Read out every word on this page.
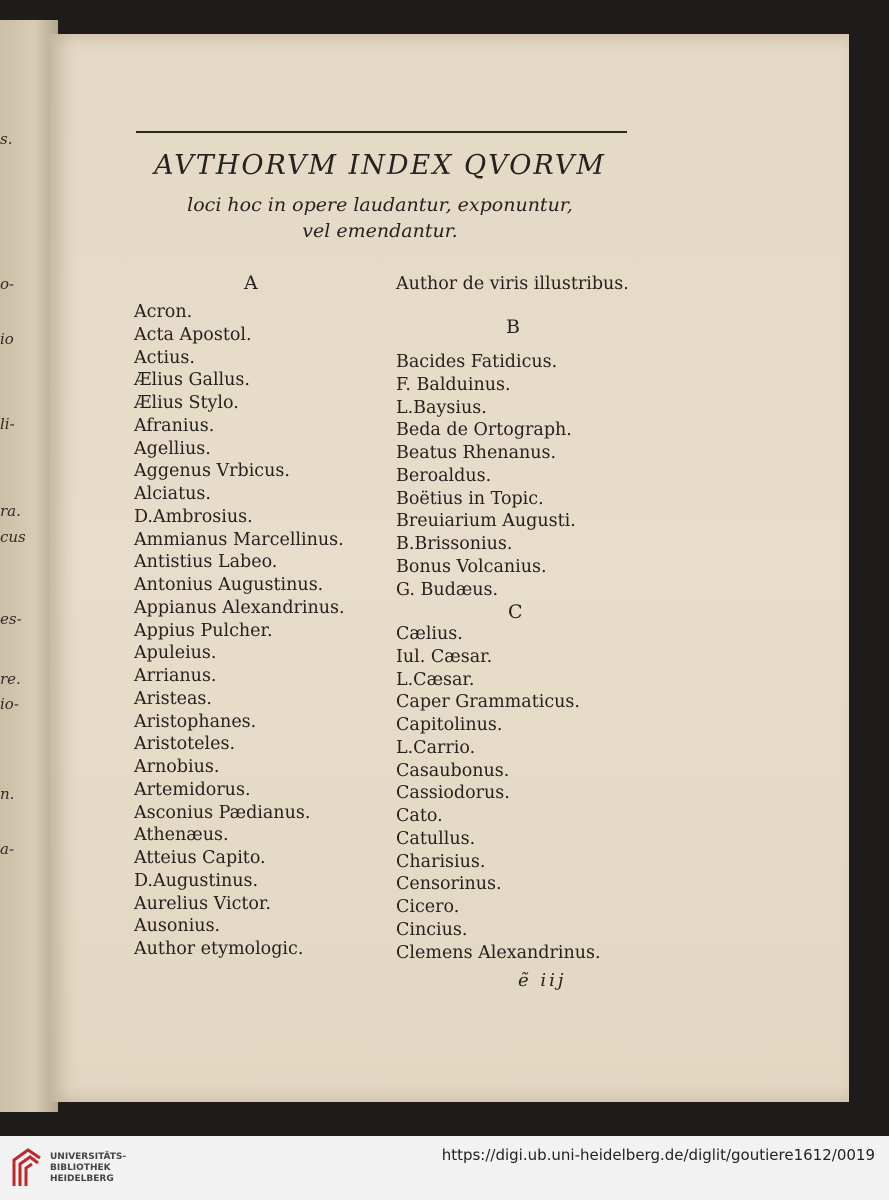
s.
o-
io
li-
ra.
cus
es-
re.
io-
n.
a-
AVTHORVM INDEX QVORVM
loci hoc in opere laudantur, exponuntur,
vel emendantur.
A
Acron.
Acta Apostol.
Actius.
Ælius Gallus.
Ælius Stylo.
Afranius.
Agellius.
Aggenus Vrbicus.
Alciatus.
D.Ambrosius.
Ammianus Marcellinus.
Antistius Labeo.
Antonius Augustinus.
Appianus Alexandrinus.
Appius Pulcher.
Apuleius.
Arrianus.
Aristeas.
Aristophanes.
Aristoteles.
Arnobius.
Artemidorus.
Asconius Pædianus.
Athenæus.
Atteius Capito.
D.Augustinus.
Aurelius Victor.
Ausonius.
Author etymologic.
Author de viris illustribus.
B
Bacides Fatidicus.
F. Balduinus.
L.Baysius.
Beda de Ortograph.
Beatus Rhenanus.
Beroaldus.
Boëtius in Topic.
Breuiarium Augusti.
B.Brissonius.
Bonus Volcanius.
G. Budæus.
C
Cælius.
Iul. Cæsar.
L.Cæsar.
Caper Grammaticus.
Capitolinus.
L.Carrio.
Casaubonus.
Cassiodorus.
Cato.
Catullus.
Charisius.
Censorinus.
Cicero.
Cincius.
Clemens Alexandrinus.
ẽ iij
UNIVERSITÄTS-
BIBLIOTHEK
HEIDELBERG
https://digi.ub.uni-heidelberg.de/diglit/goutiere1612/0019
